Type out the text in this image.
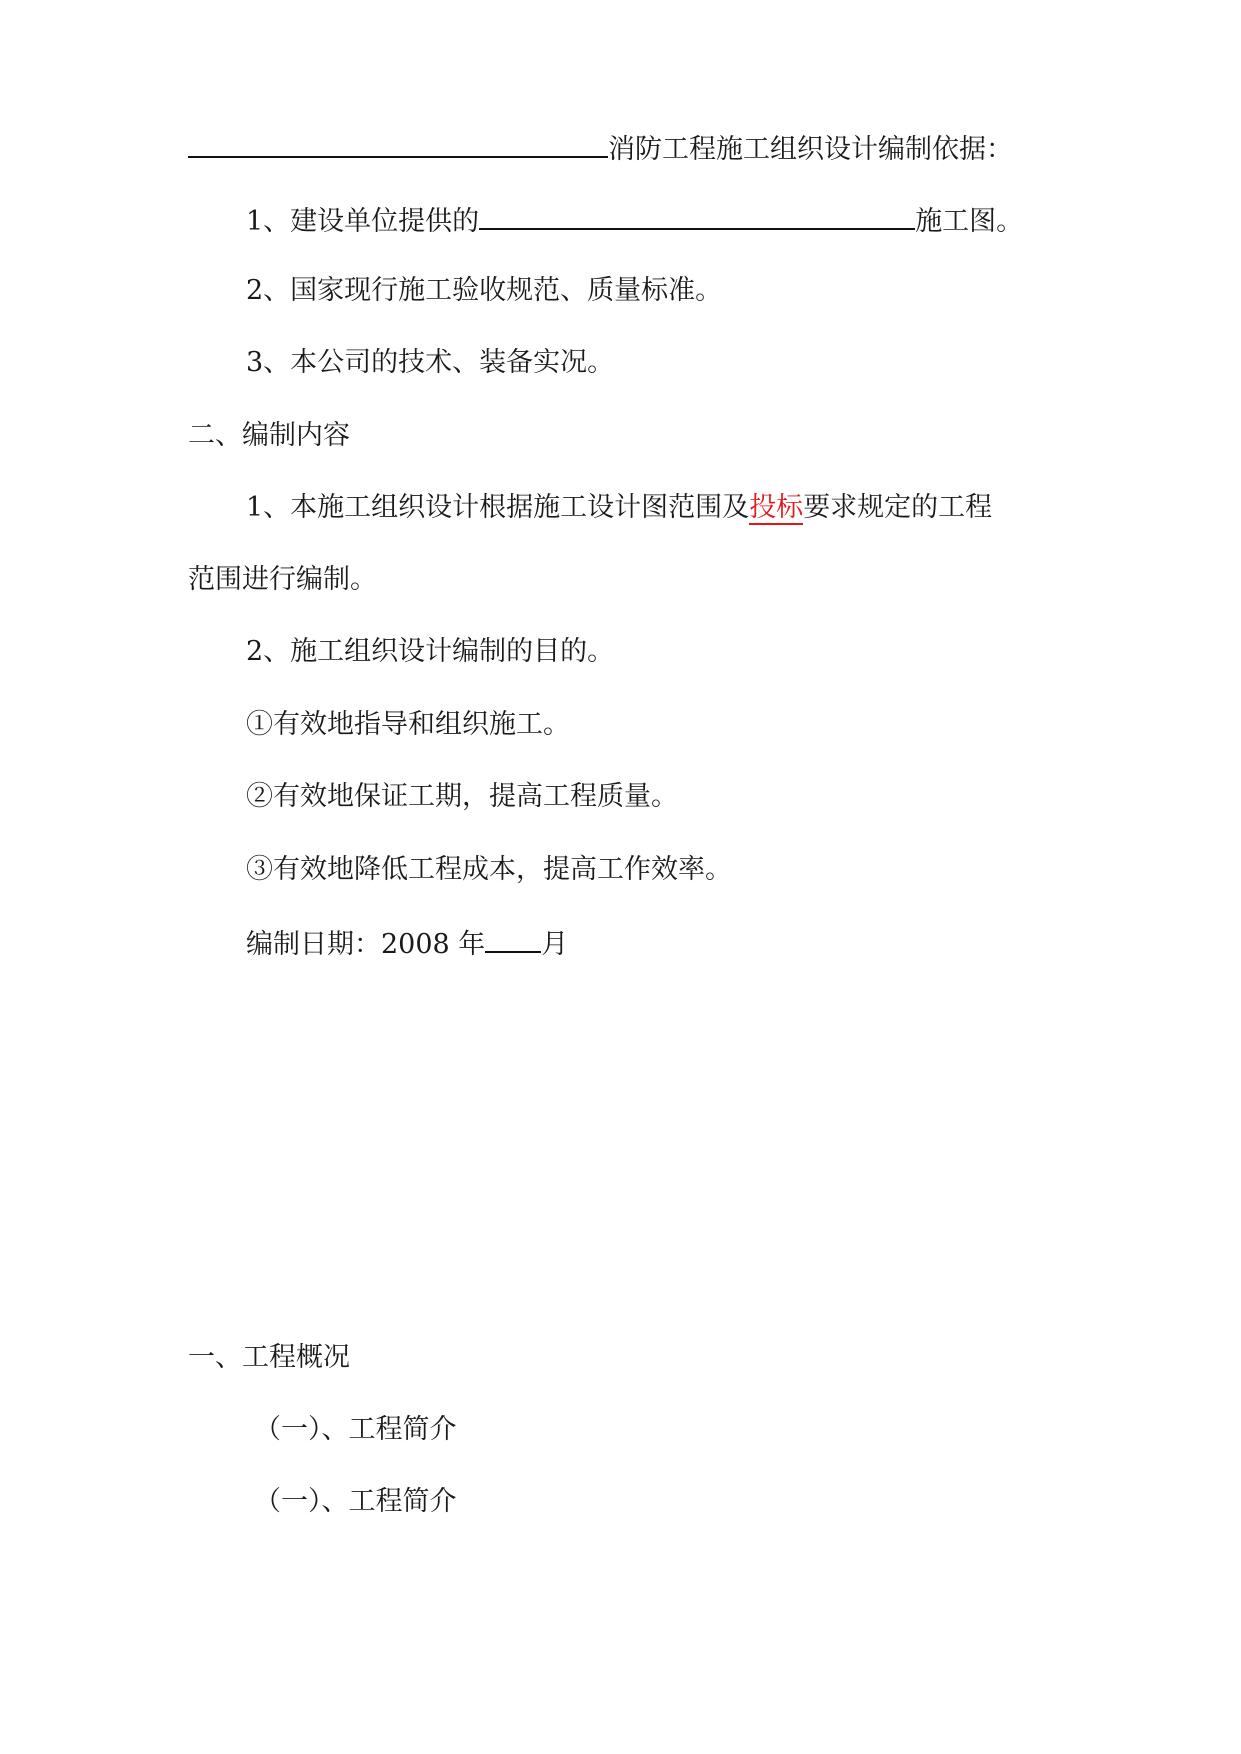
消防工程施工组织设计编制依据：
1、建设单位提供的	施工图。
2、国家现行施工验收规范、质量标准。
3、本公司的技术、装备实况。
二、编制内容
1、本施工组织设计根据施工设计图范围及投标要求规定的工程
范围进行编制。
2、施工组织设计编制的目的。
①有效地指导和组织施工。
②有效地保证工期，提高工程质量。
③有效地降低工程成本，提高工作效率。
编制日期：2008 年 月
一、工程概况
（一）、工程简介
（一）、工程简介
